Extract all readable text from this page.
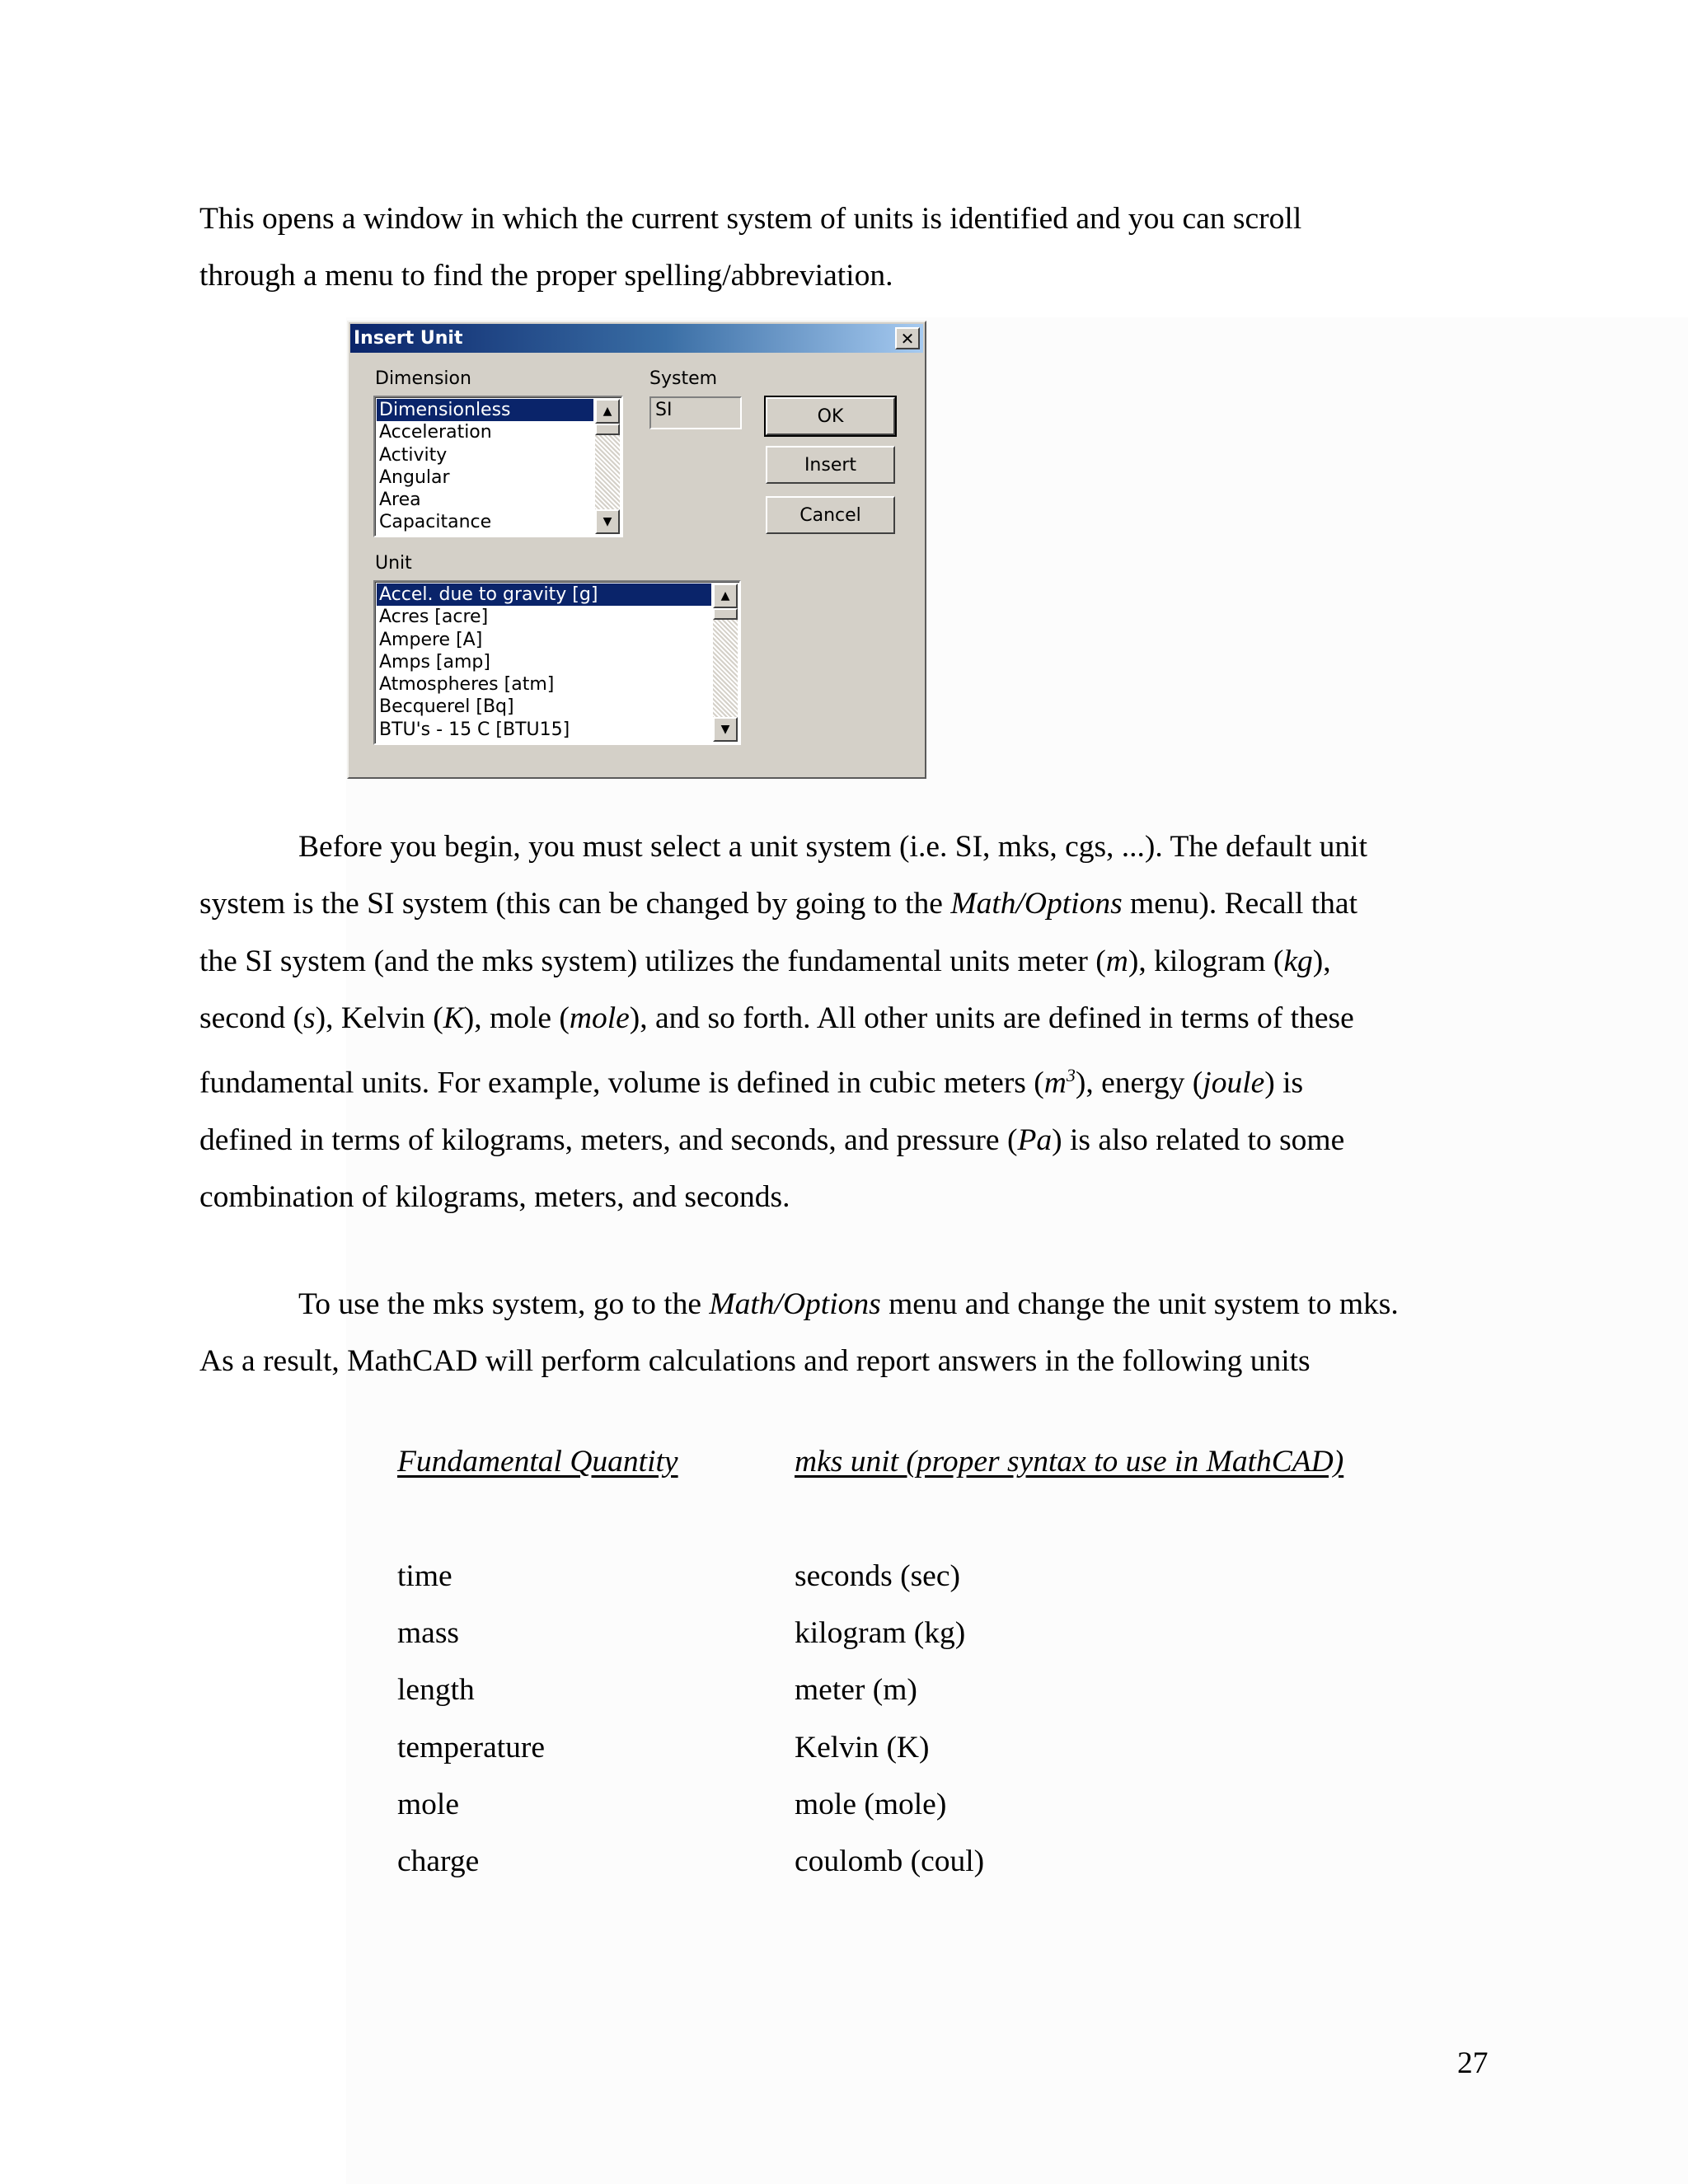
This opens a window in which the current system of units is identified and you can scroll
through a menu to find the proper spelling/abbreviation.

Insert Unit	✕
Dimension	System
Dimensionless
Acceleration
Activity
Angular
Area
Capacitance
▲
▼
SI	OK
Insert
Cancel
Unit
Accel. due to gravity [g]
Acres [acre]
Ampere [A]
Amps [amp]
Atmospheres [atm]
Becquerel [Bq]
BTU's - 15 C [BTU15]
▲
▼

Before you begin, you must select a unit system (i.e. SI, mks, cgs, ...). The default unit
system is the SI system (this can be changed by going to the Math/Options menu). Recall that
the SI system (and the mks system) utilizes the fundamental units meter (m), kilogram (kg),
second (s), Kelvin (K), mole (mole), and so forth. All other units are defined in terms of these
fundamental units. For example, volume is defined in cubic meters $(m^3)$, energy (joule) is
defined in terms of kilograms, meters, and seconds, and pressure (Pa) is also related to some
combination of kilograms, meters, and seconds.

To use the mks system, go to the Math/Options menu and change the unit system to mks.
As a result, MathCAD will perform calculations and report answers in the following units

Fundamental Quantity	mks unit (proper syntax to use in MathCAD)
time	seconds (sec)
mass	kilogram (kg)
length	meter (m)
temperature	Kelvin (K)
mole	mole (mole)
charge	coulomb (coul)
27
